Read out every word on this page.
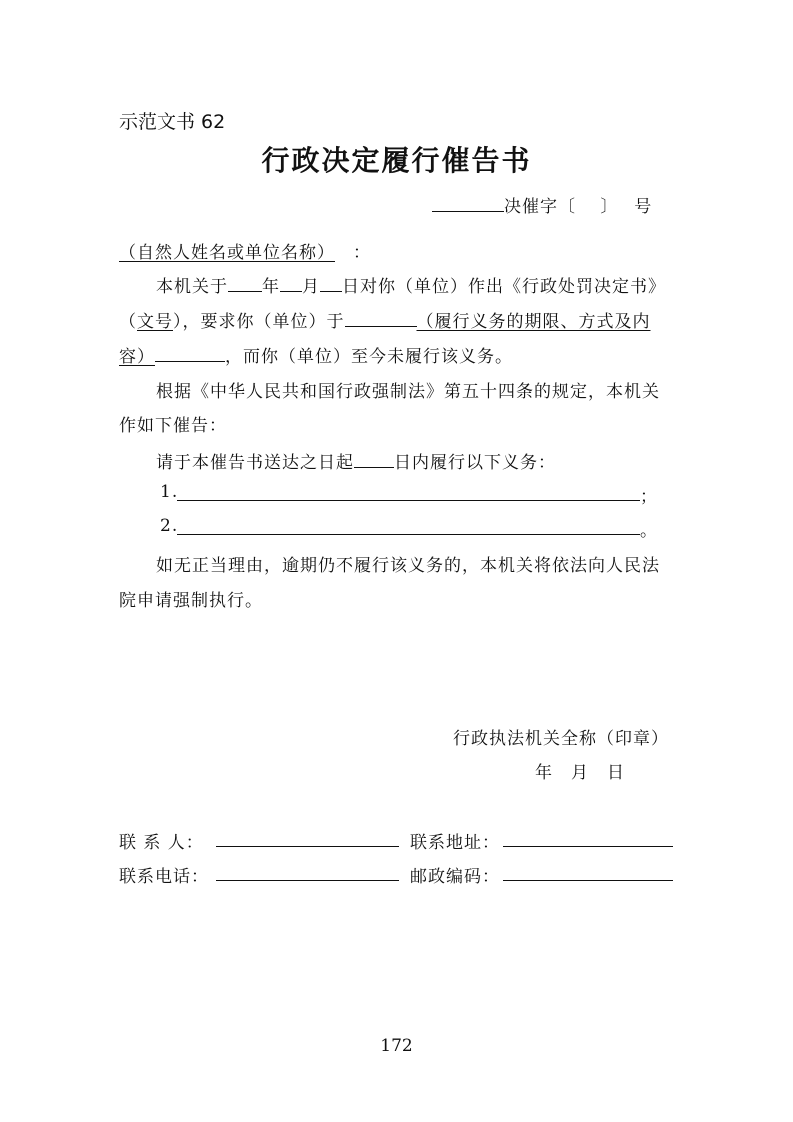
示范文书 62
行政决定履行催告书
决催字〔　 〕　 号
（自然人姓名或单位名称） ：
本机关于 年 月 日对你（单位）作出《行政处罚决定书》
（文号），要求你（单位）于	（履行义务的期限、方式及内
容）	，而你（单位）至今未履行该义务。
根据《中华人民共和国行政强制法》第五十四条的规定，本机关
作如下催告：
请于本催告书送达之日起 日内履行以下义务：
1.	；
2.	。
如无正当理由，逾期仍不履行该义务的，本机关将依法向人民法
院申请强制执行。
行政执法机关全称（印章）
年　月　日
联 系 人：	联系地址：
联系电话：	邮政编码：
172
